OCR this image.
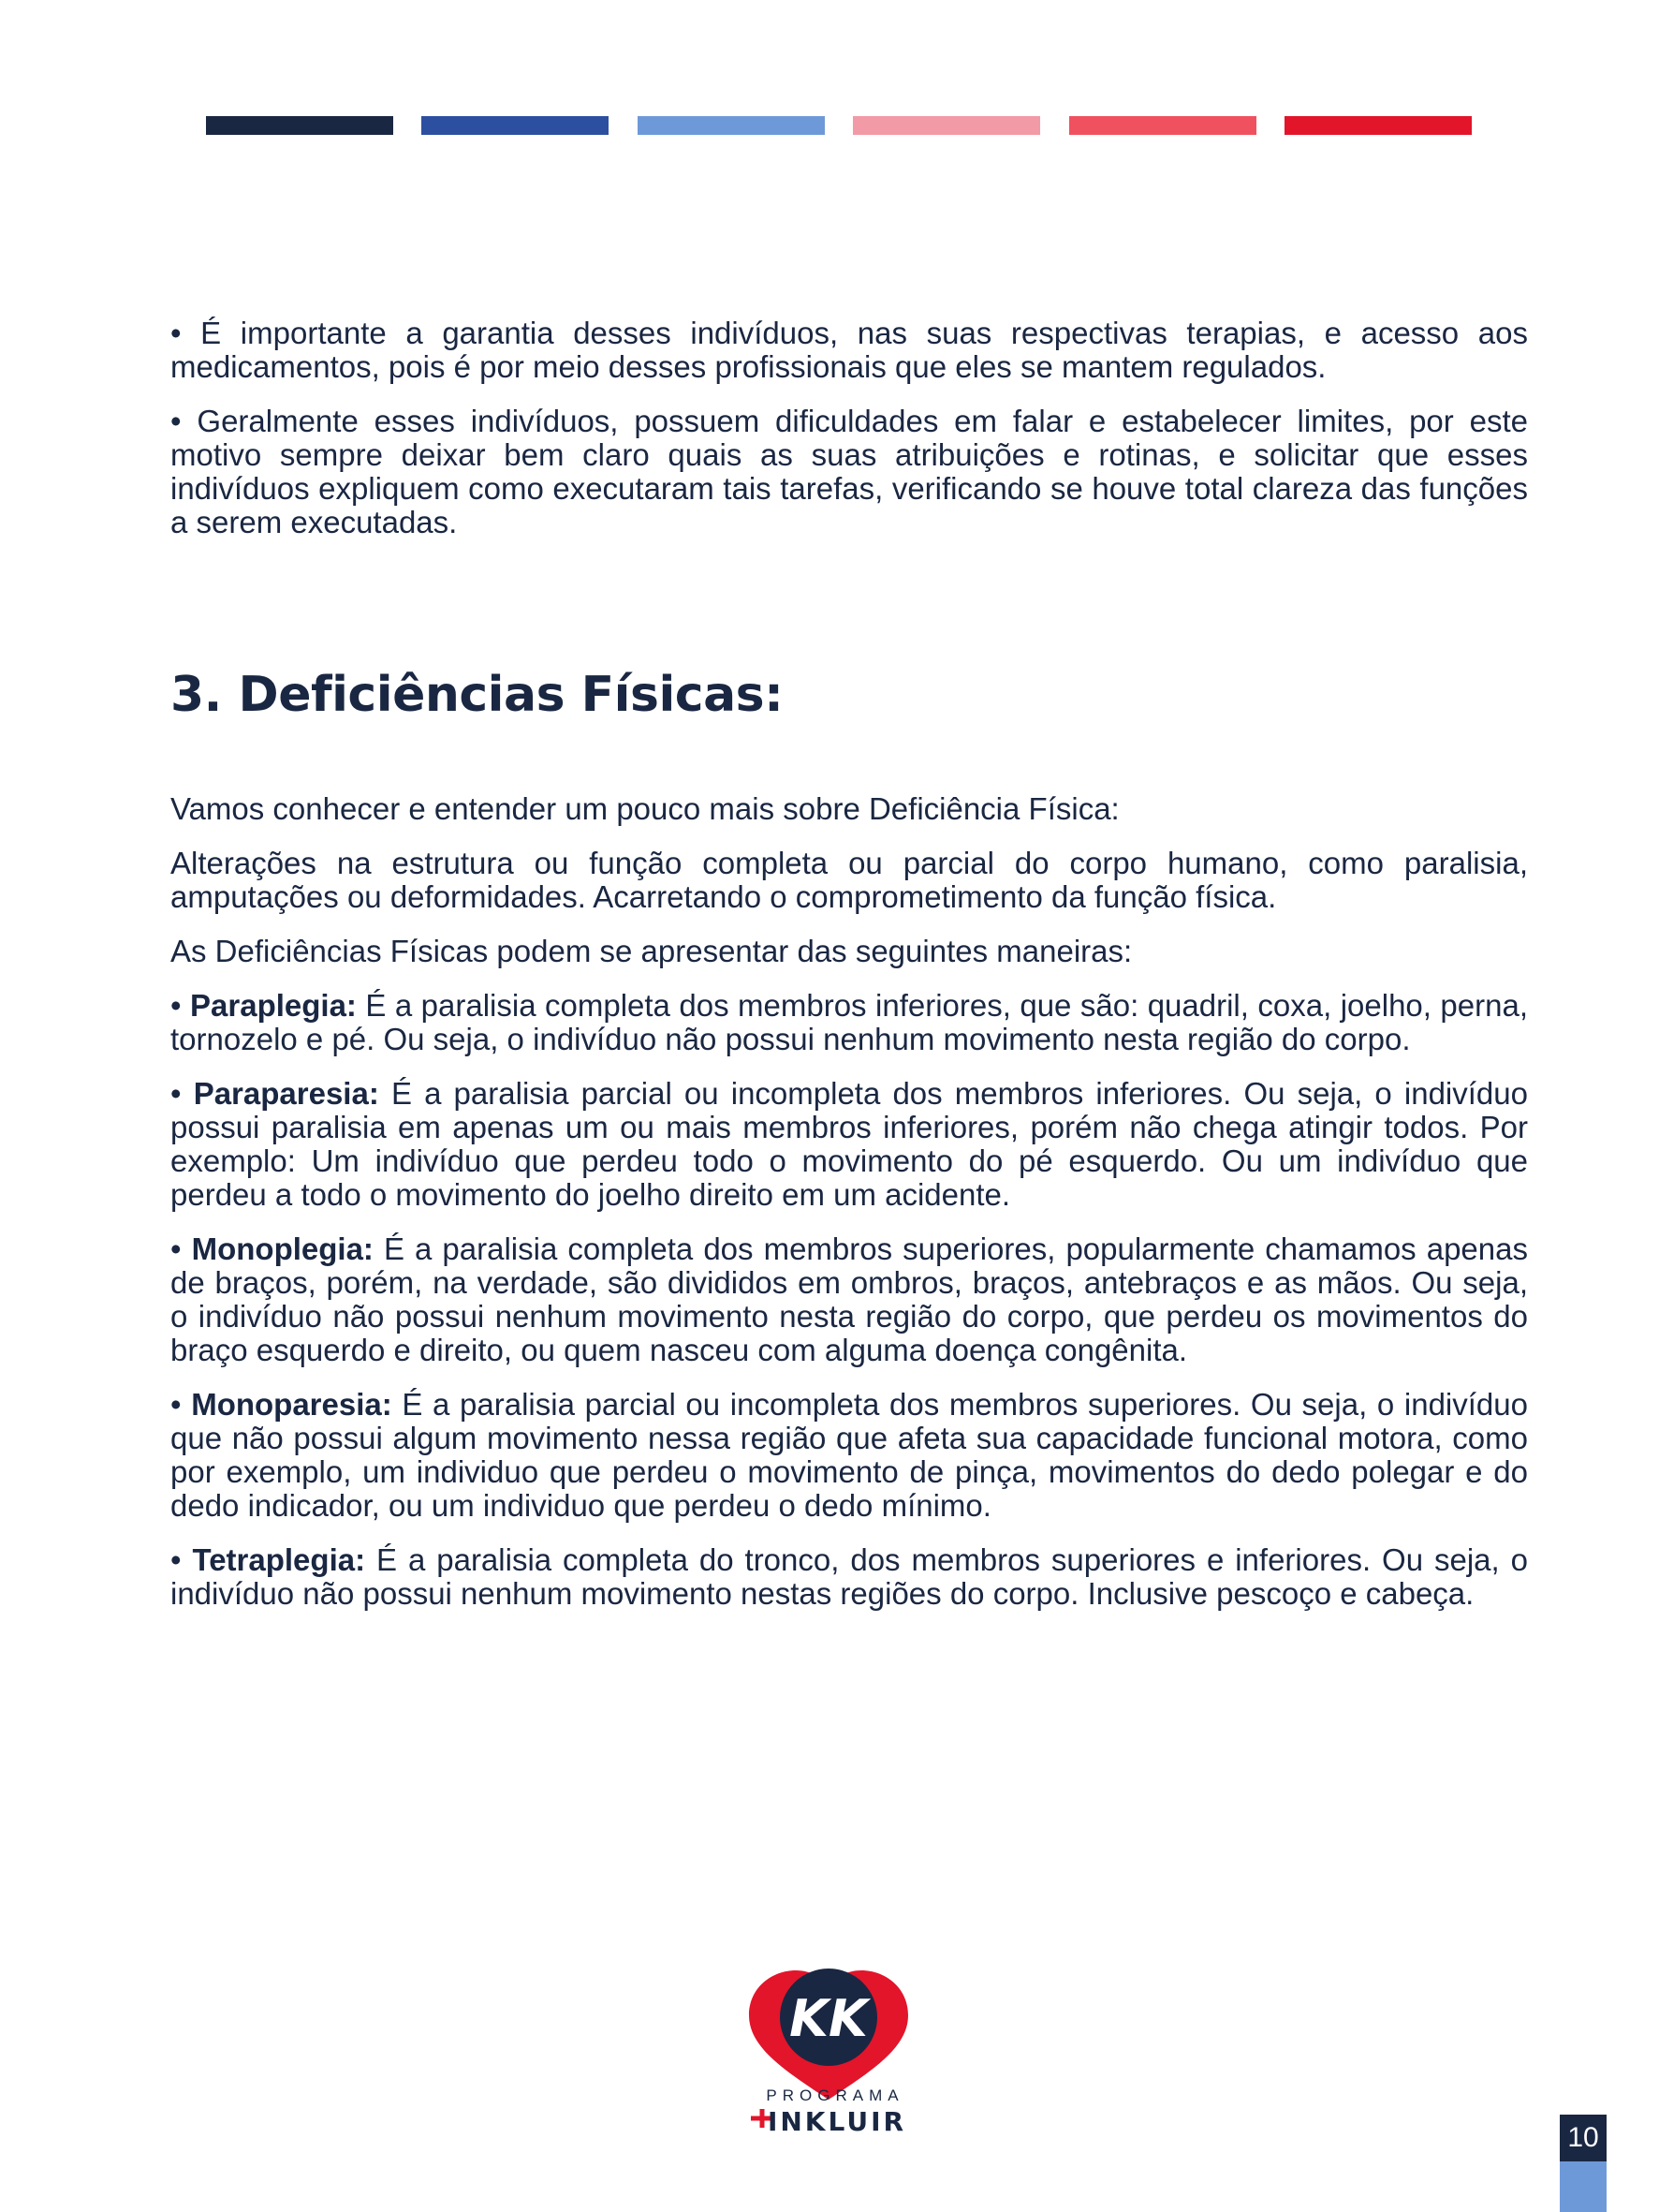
• É importante a garantia desses indivíduos, nas suas respectivas terapias, e acesso aos medicamentos, pois é por meio desses profissionais que eles se mantem regulados.

• Geralmente esses indivíduos, possuem dificuldades em falar e estabelecer limites, por este motivo sempre deixar bem claro quais as suas atribuições e rotinas, e solicitar que esses indivíduos expliquem como executaram tais tarefas, verificando se houve total clareza das funções a serem executadas.

3. Deficiências Físicas:

Vamos conhecer e entender um pouco mais sobre Deficiência Física:

Alterações na estrutura ou função completa ou parcial do corpo humano, como paralisia, amputações ou deformidades. Acarretando o comprometimento da função física.

As Deficiências Físicas podem se apresentar das seguintes maneiras:

• Paraplegia: É a paralisia completa dos membros inferiores, que são: quadril, coxa, joelho, perna, tornozelo e pé. Ou seja, o indivíduo não possui nenhum movimento nesta região do corpo.

• Paraparesia: É a paralisia parcial ou incompleta dos membros inferiores. Ou seja, o indivíduo possui paralisia em apenas um ou mais membros inferiores, porém não chega atingir todos. Por exemplo: Um indivíduo que perdeu todo o movimento do pé esquerdo. Ou um indivíduo que perdeu a todo o movimento do joelho direito em um acidente.

• Monoplegia: É a paralisia completa dos membros superiores, popularmente chamamos apenas de braços, porém, na verdade, são divididos em ombros, braços, antebraços e as mãos. Ou seja, o indivíduo não possui nenhum movimento nesta região do corpo, que perdeu os movimentos do braço esquerdo e direito, ou quem nasceu com alguma doença congênita.

• Monoparesia: É a paralisia parcial ou incompleta dos membros superiores. Ou seja, o indivíduo que não possui algum movimento nessa região que afeta sua capacidade funcional motora, como por exemplo, um individuo que perdeu o movimento de pinça, movimentos do dedo polegar e do dedo indicador, ou um individuo que perdeu o dedo mínimo.

• Tetraplegia: É a paralisia completa do tronco, dos membros superiores e inferiores. Ou seja, o indivíduo não possui nenhum movimento nestas regiões do corpo. Inclusive pescoço e cabeça.

KK
PROGRAMA
INKLUIR
10
